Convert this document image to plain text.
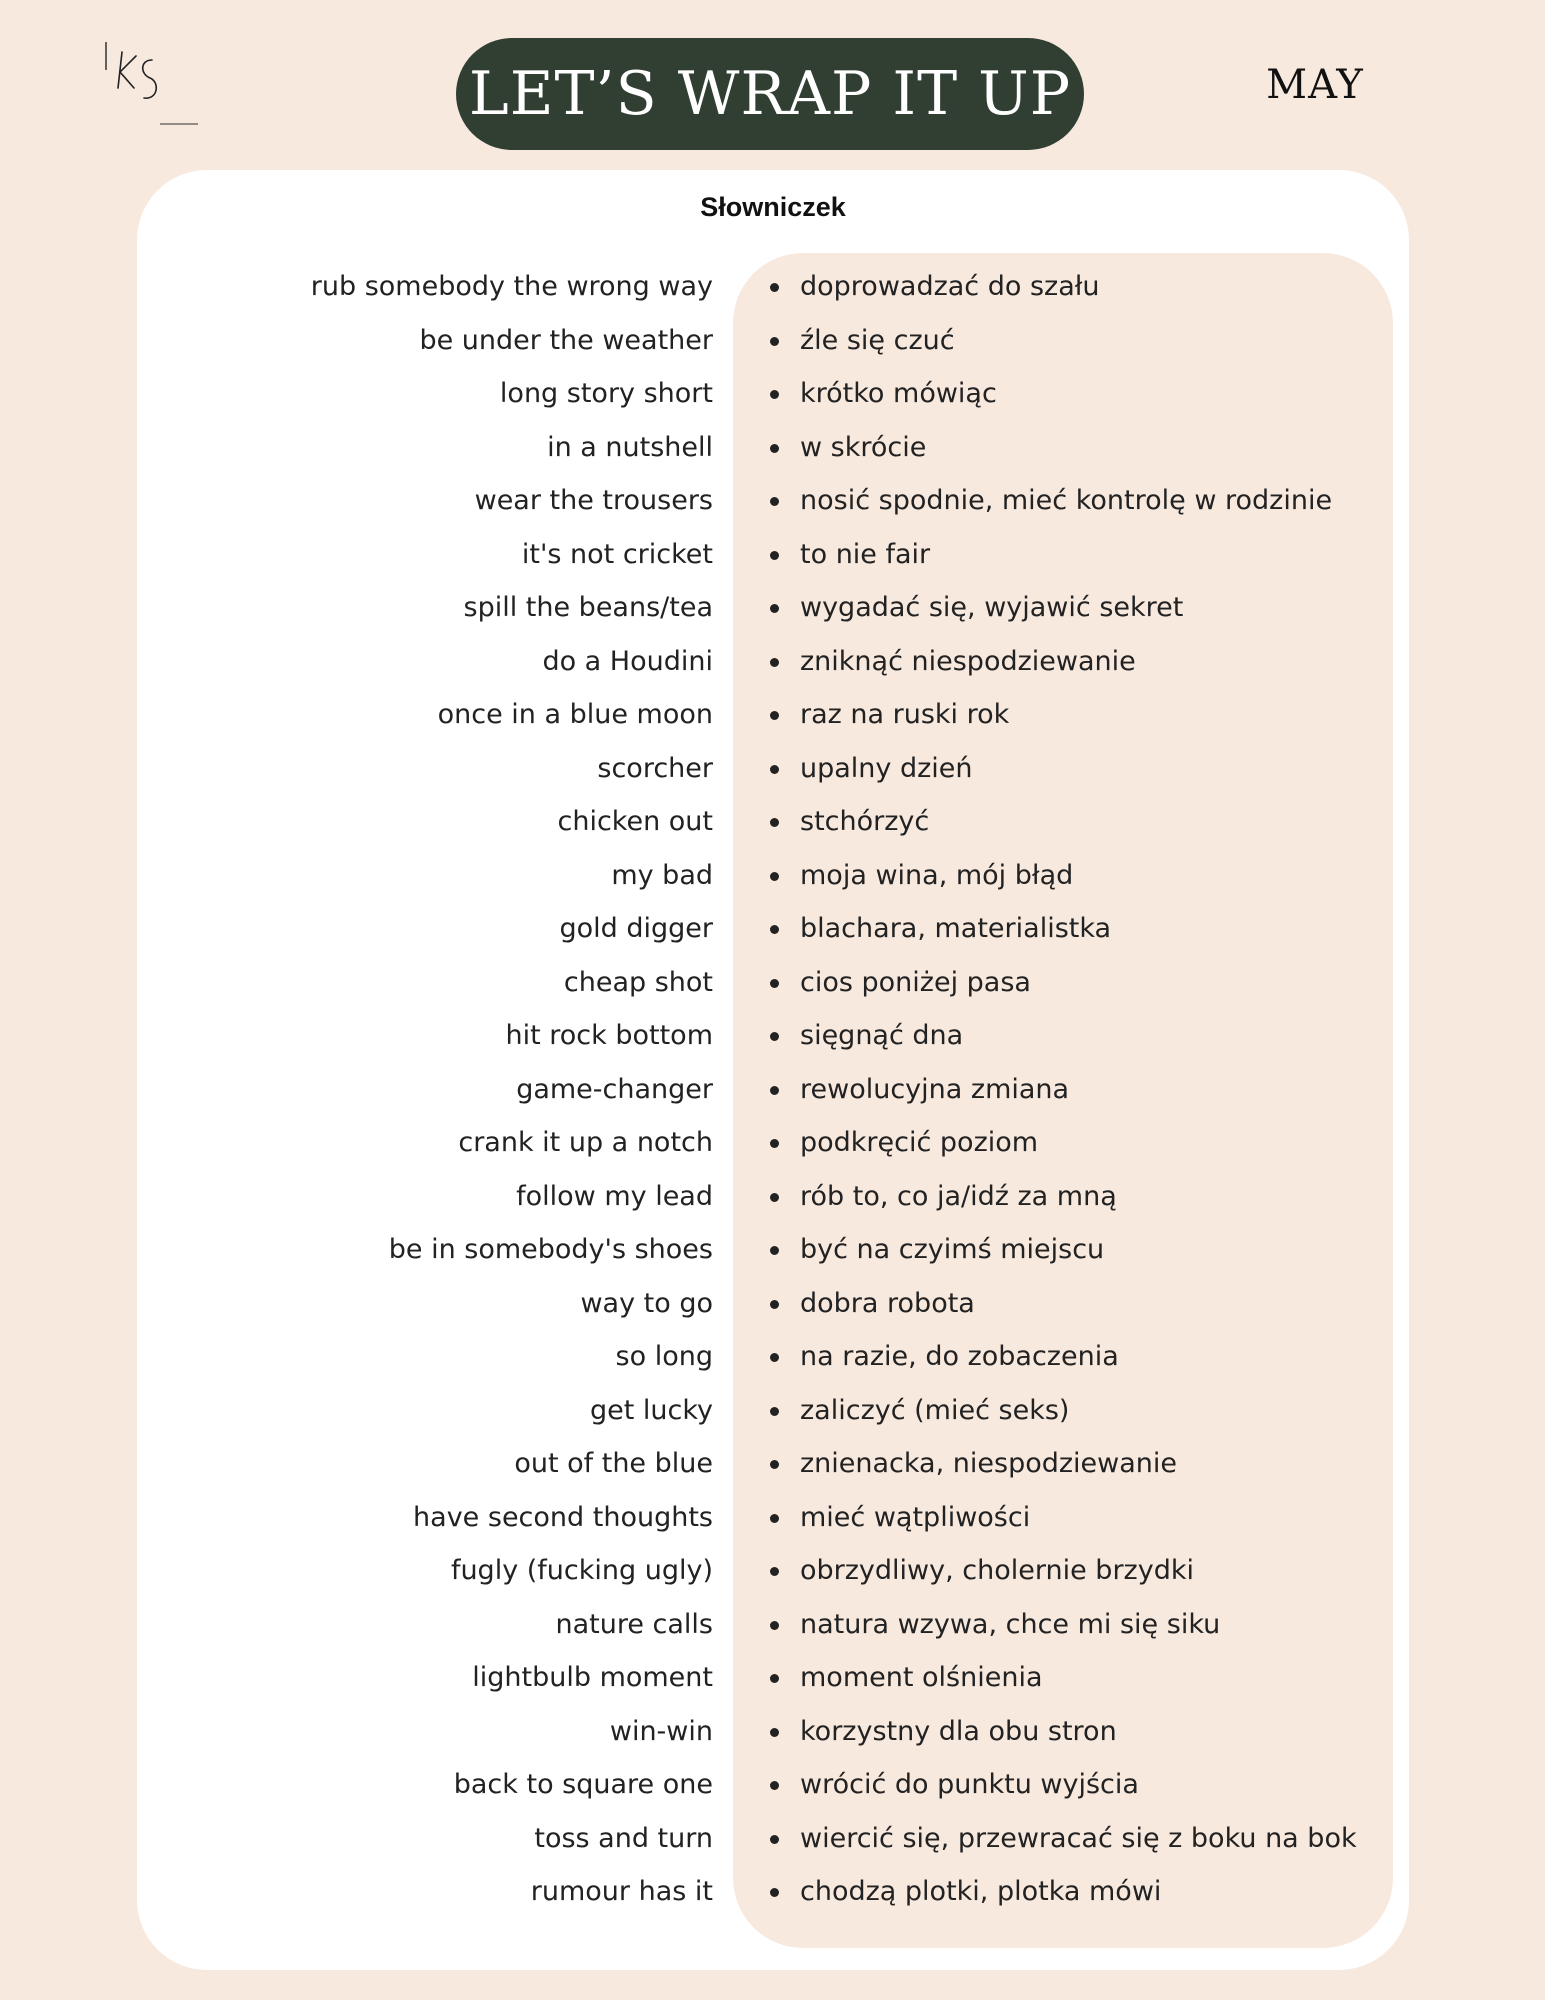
LET’S WRAP IT UP	MAY
Słowniczek
rub somebody the wrong way	doprowadzać do szału
be under the weather	źle się czuć
long story short	krótko mówiąc
in a nutshell	w skrócie
wear the trousers	nosić spodnie, mieć kontrolę w rodzinie
it's not cricket	to nie fair
spill the beans/tea	wygadać się, wyjawić sekret
do a Houdini	zniknąć niespodziewanie
once in a blue moon	raz na ruski rok
scorcher	upalny dzień
chicken out	stchórzyć
my bad	moja wina, mój błąd
gold digger	blachara, materialistka
cheap shot	cios poniżej pasa
hit rock bottom	sięgnąć dna
game-changer	rewolucyjna zmiana
crank it up a notch	podkręcić poziom
follow my lead	rób to, co ja/idź za mną
be in somebody's shoes	być na czyimś miejscu
way to go	dobra robota
so long	na razie, do zobaczenia
get lucky	zaliczyć (mieć seks)
out of the blue	znienacka, niespodziewanie
have second thoughts	mieć wątpliwości
fugly (fucking ugly)	obrzydliwy, cholernie brzydki
nature calls	natura wzywa, chce mi się siku
lightbulb moment	moment olśnienia
win-win	korzystny dla obu stron
back to square one	wrócić do punktu wyjścia
toss and turn	wiercić się, przewracać się z boku na bok
rumour has it	chodzą plotki, plotka mówi
